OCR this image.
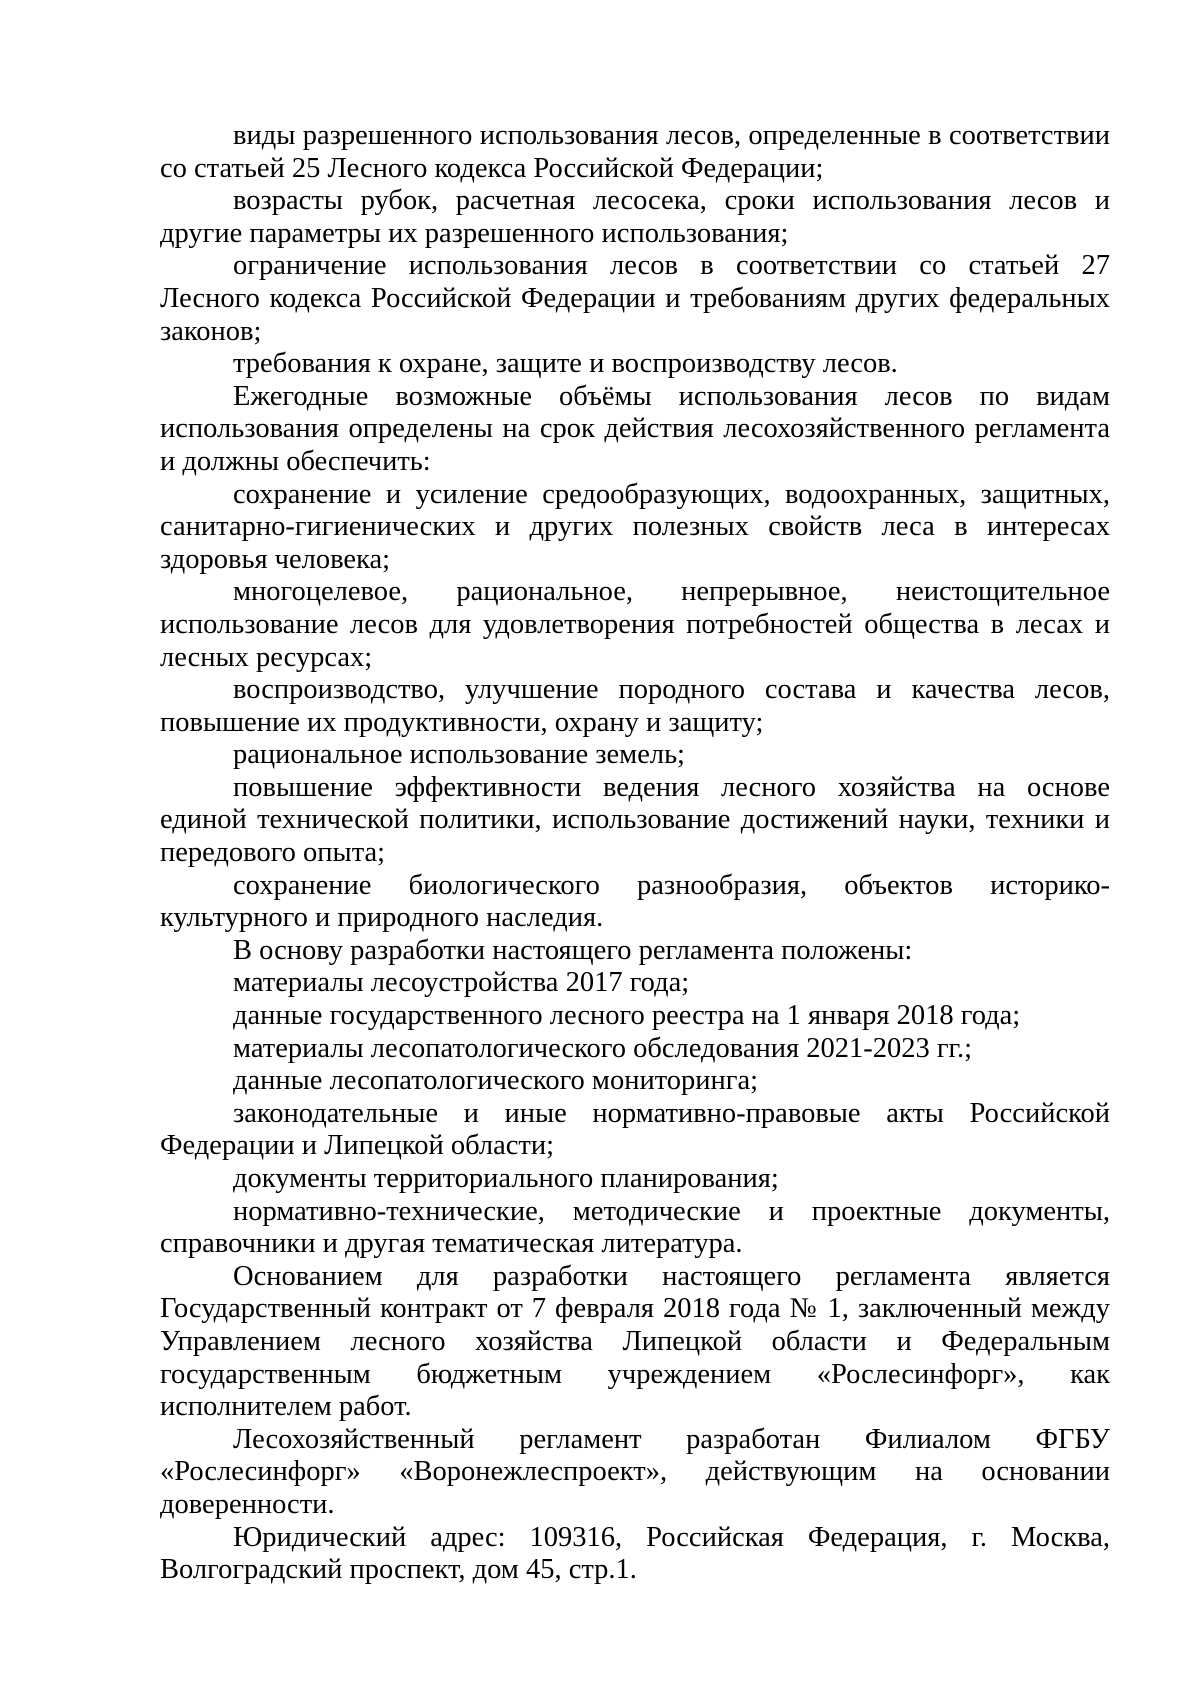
виды разрешенного использования лесов, определенные в соответствии со статьей 25 Лесного кодекса Российской Федерации;

возрасты рубок, расчетная лесосека, сроки использования лесов и другие параметры их разрешенного использования;

ограничение использования лесов в соответствии со статьей 27 Лесного кодекса Российской Федерации и требованиям других федеральных законов;

требования к охране, защите и воспроизводству лесов.

Ежегодные возможные объёмы использования лесов по видам использования определены на срок действия лесохозяйственного регламента и должны обеспечить:

сохранение и усиление средообразующих, водоохранных, защитных, санитарно-гигиенических и других полезных свойств леса в интересах здоровья человека;

многоцелевое, рациональное, непрерывное, неистощительное использование лесов для удовлетворения потребностей общества в лесах и лесных ресурсах;

воспроизводство, улучшение породного состава и качества лесов, повышение их продуктивности, охрану и защиту;

рациональное использование земель;

повышение эффективности ведения лесного хозяйства на основе единой технической политики, использование достижений науки, техники и передового опыта;

сохранение биологического разнообразия, объектов историко-культурного и природного наследия.

В основу разработки настоящего регламента положены:

материалы лесоустройства 2017 года;

данные государственного лесного реестра на 1 января 2018 года;

материалы лесопатологического обследования 2021-2023 гг.;

данные лесопатологического мониторинга;

законодательные и иные нормативно-правовые акты Российской Федерации и Липецкой области;

документы территориального планирования;

нормативно-технические, методические и проектные документы, справочники и другая тематическая литература.

Основанием для разработки настоящего регламента является Государственный контракт от 7 февраля 2018 года № 1, заключенный между Управлением лесного хозяйства Липецкой области и Федеральным государственным бюджетным учреждением «Рослесинфорг», как исполнителем работ.

Лесохозяйственный регламент разработан Филиалом ФГБУ «Рослесинфорг» «Воронежлеспроект», действующим на основании доверенности.

Юридический адрес: 109316, Российская Федерация, г. Москва, Волгоградский проспект, дом 45, стр.1.
